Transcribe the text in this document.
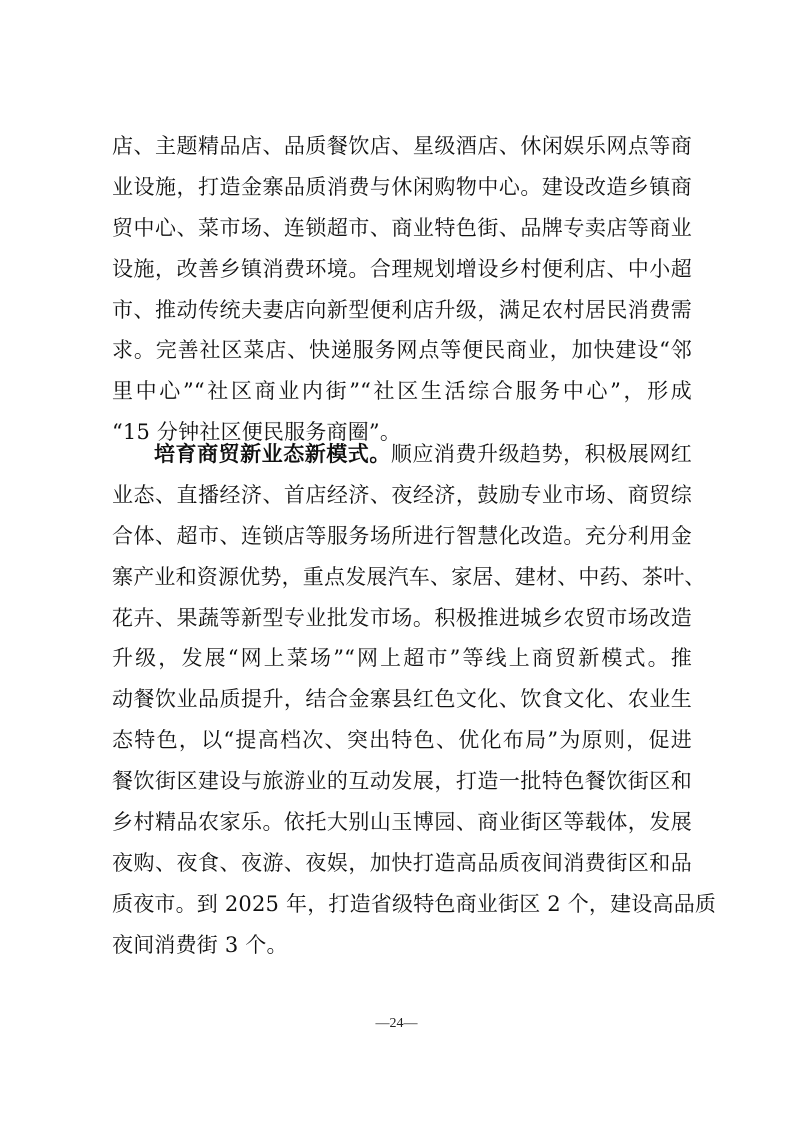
店、主题精品店、品质餐饮店、星级酒店、休闲娱乐网点等商
业设施，打造金寨品质消费与休闲购物中心。建设改造乡镇商
贸中心、菜市场、连锁超市、商业特色街、品牌专卖店等商业
设施，改善乡镇消费环境。合理规划增设乡村便利店、中小超
市、推动传统夫妻店向新型便利店升级，满足农村居民消费需
求。完善社区菜店、快递服务网点等便民商业，加快建设“邻
里中心”“社区商业内街”“社区生活综合服务中心”，形成
“15 分钟社区便民服务商圈”。
培育商贸新业态新模式。顺应消费升级趋势，积极展网红
业态、直播经济、首店经济、夜经济，鼓励专业市场、商贸综
合体、超市、连锁店等服务场所进行智慧化改造。充分利用金
寨产业和资源优势，重点发展汽车、家居、建材、中药、茶叶、
花卉、果蔬等新型专业批发市场。积极推进城乡农贸市场改造
升级，发展“网上菜场”“网上超市”等线上商贸新模式。推
动餐饮业品质提升，结合金寨县红色文化、饮食文化、农业生
态特色，以“提高档次、突出特色、优化布局”为原则，促进
餐饮街区建设与旅游业的互动发展，打造一批特色餐饮街区和
乡村精品农家乐。依托大别山玉博园、商业街区等载体，发展
夜购、夜食、夜游、夜娱，加快打造高品质夜间消费街区和品
质夜市。到 2025 年，打造省级特色商业街区 2 个，建设高品质
夜间消费街 3 个。
—24—
